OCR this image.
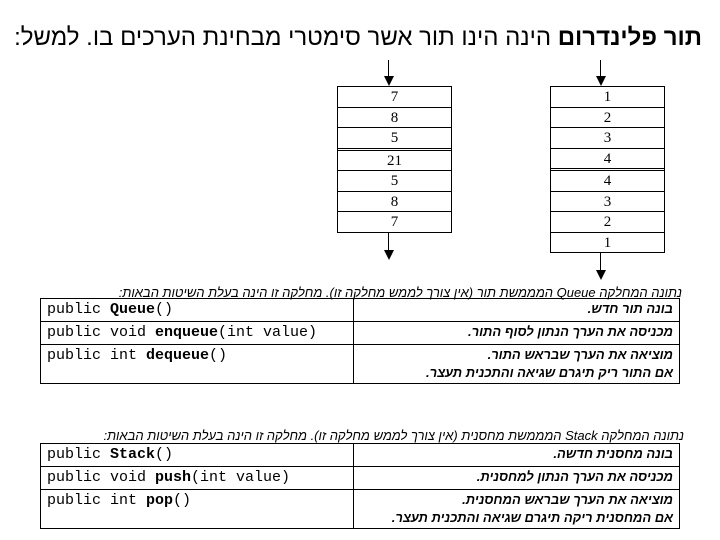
תור פלינדרום הינה הינו תור אשר סימטרי מבחינת הערכים בו. למשל:
7
8
5
21
5
8
7
1
2
3
4
4
3
2
1
נתונה המחלקה Queue המממשת תור (אין צורך לממש מחלקה זו). מחלקה זו הינה בעלת השיטות הבאות:
public Queue()	בונה תור חדש.

public void enqueue(int value)	מכניסה את הערך הנתון לסוף התור.

public int dequeue()	מוציאה את הערך שבראש התור.
אם התור ריק תיגרם שגיאה והתכנית תעצר.
נתונה המחלקה Stack המממשת מחסנית (אין צורך לממש מחלקה זו). מחלקה זו הינה בעלת השיטות הבאות:
public Stack()	בונה מחסנית חדשה.

public void push(int value)	מכניסה את הערך הנתון למחסנית.

public int pop()	מוציאה את הערך שבראש המחסנית.
אם המחסנית ריקה תיגרם שגיאה והתכנית תעצר.
